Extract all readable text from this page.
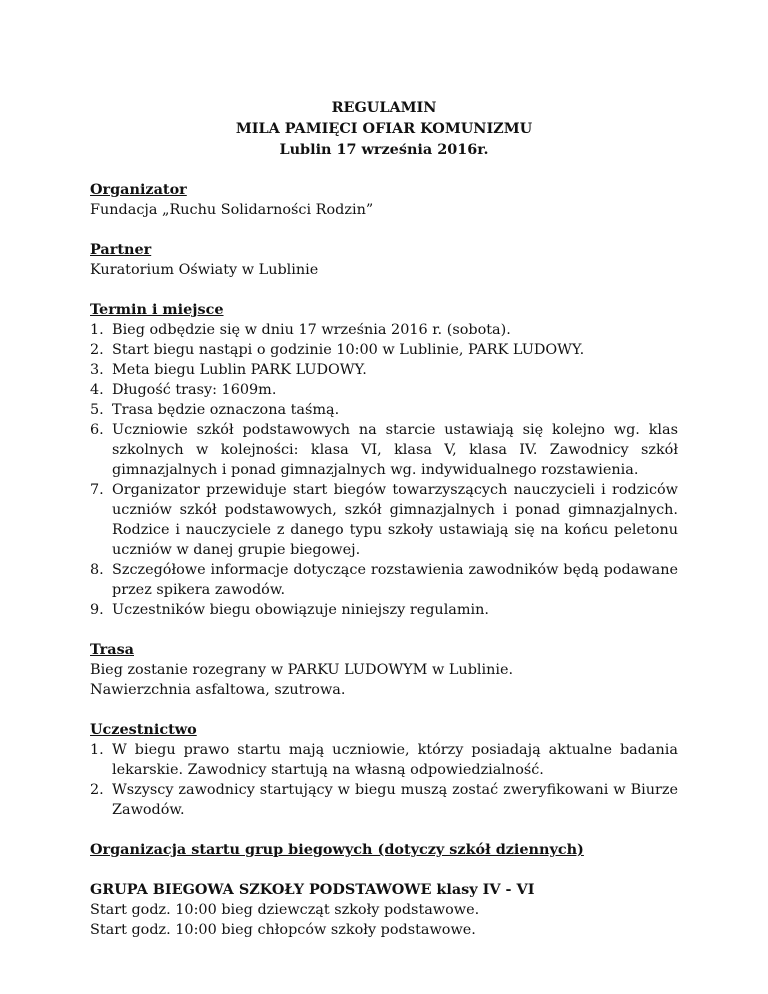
REGULAMIN
MILA PAMIĘCI OFIAR KOMUNIZMU
Lublin 17 września 2016r.
Organizator
Fundacja „Ruchu Solidarności Rodzin”
Partner
Kuratorium Oświaty w Lublinie
Termin i miejsce
1. Bieg odbędzie się w dniu 17 września 2016 r. (sobota).
2. Start biegu nastąpi o godzinie 10:00 w Lublinie, PARK LUDOWY.
3. Meta biegu Lublin PARK LUDOWY.
4. Długość trasy: 1609m.
5. Trasa będzie oznaczona taśmą.
6. Uczniowie szkół podstawowych na starcie ustawiają się kolejno wg. klas szkolnych w kolejności: klasa VI, klasa V, klasa IV. Zawodnicy szkół gimnazjalnych i ponad gimnazjalnych wg. indywidualnego rozstawienia.
7. Organizator przewiduje start biegów towarzyszących nauczycieli i rodziców uczniów szkół podstawowych, szkół gimnazjalnych i ponad gimnazjalnych. Rodzice i nauczyciele z danego typu szkoły ustawiają się na końcu peletonu uczniów w danej grupie biegowej.
8. Szczegółowe informacje dotyczące rozstawienia zawodników będą podawane przez spikera zawodów.
9. Uczestników biegu obowiązuje niniejszy regulamin.
Trasa
Bieg zostanie rozegrany w PARKU LUDOWYM w Lublinie.
Nawierzchnia asfaltowa, szutrowa.
Uczestnictwo
1. W biegu prawo startu mają uczniowie, którzy posiadają aktualne badania lekarskie. Zawodnicy startują na własną odpowiedzialność.
2. Wszyscy zawodnicy startujący w biegu muszą zostać zweryfikowani w Biurze Zawodów.
Organizacja startu grup biegowych (dotyczy szkół dziennych)
GRUPA BIEGOWA SZKOŁY PODSTAWOWE klasy IV - VI
Start godz. 10:00 bieg dziewcząt szkoły podstawowe.
Start godz. 10:00 bieg chłopców szkoły podstawowe.
